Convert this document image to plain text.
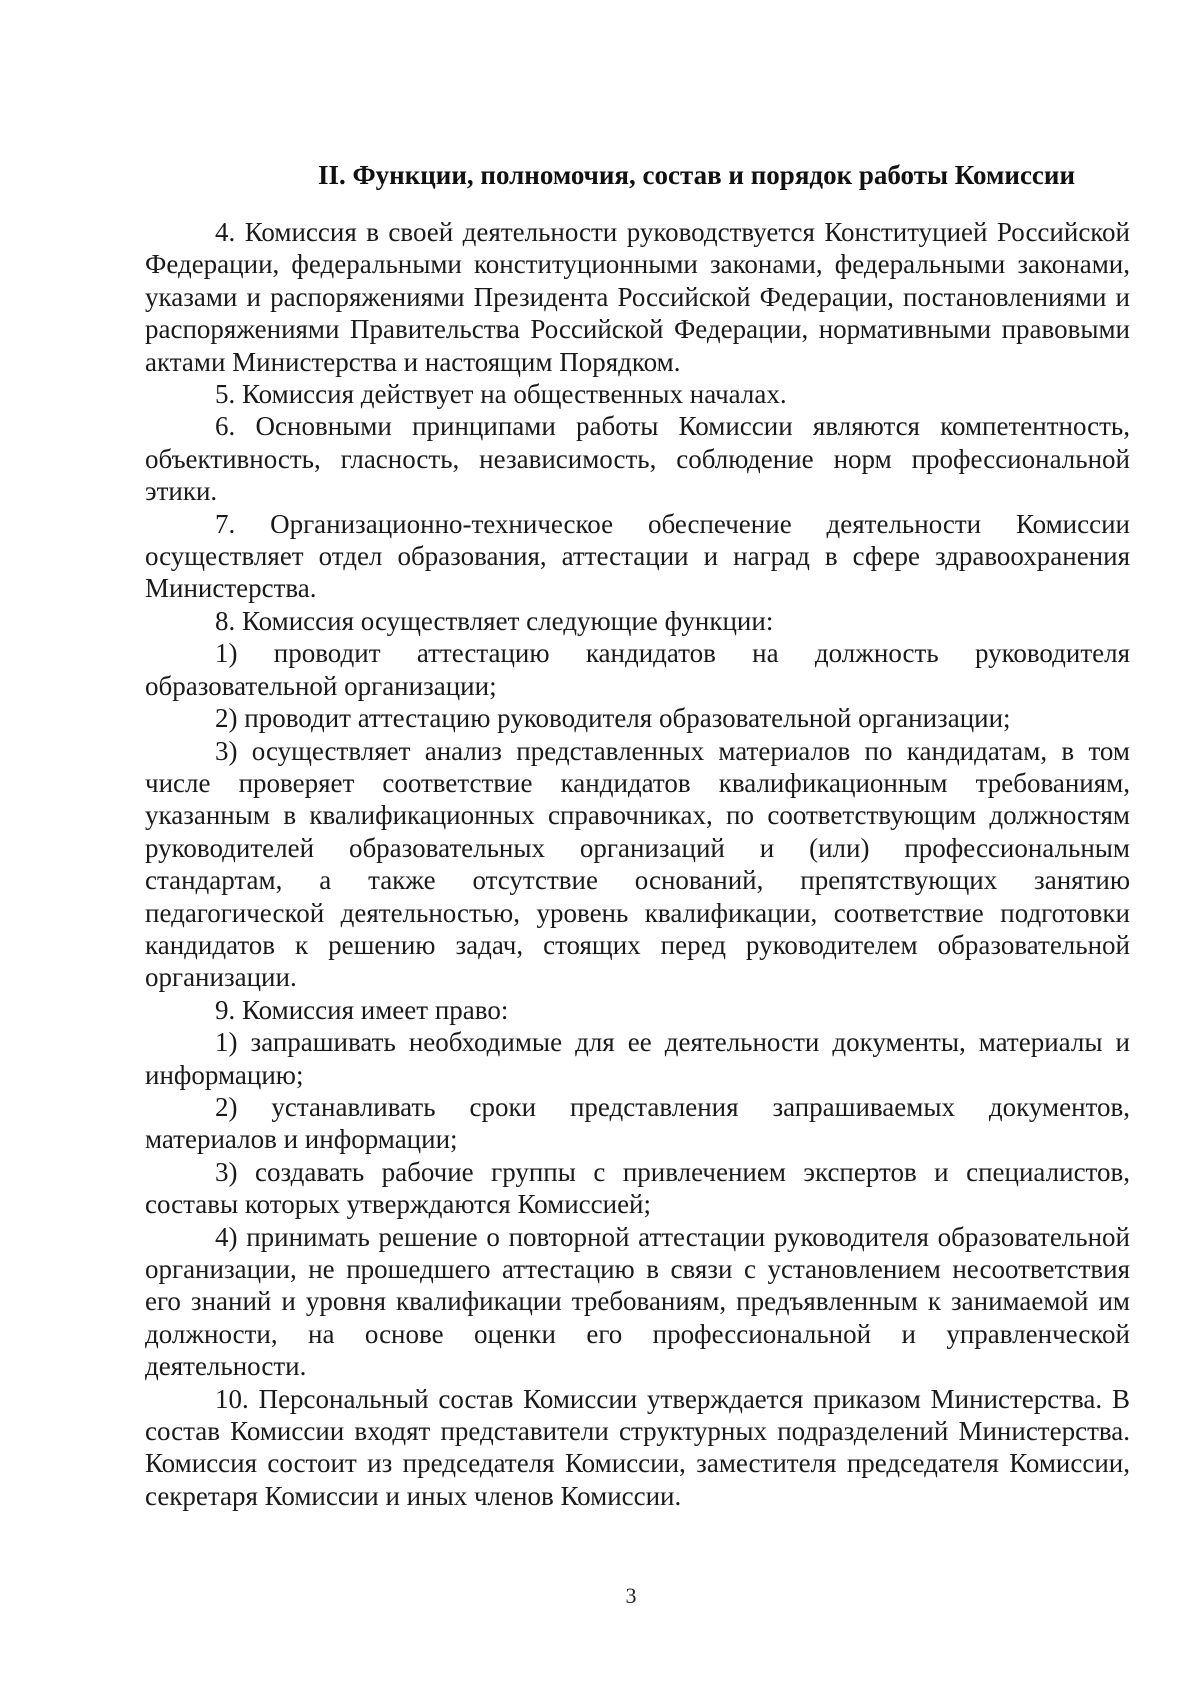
II. Функции, полномочия, состав и порядок работы Комиссии

4. Комиссия в своей деятельности руководствуется Конституцией Российской Федерации, федеральными конституционными законами, федеральными законами, указами и распоряжениями Президента Российской Федерации, постановлениями и распоряжениями Правительства Российской Федерации, нормативными правовыми актами Министерства и настоящим Порядком.

5. Комиссия действует на общественных началах.

6. Основными принципами работы Комиссии являются компетентность, объективность, гласность, независимость, соблюдение норм профессиональной этики.

7. Организационно-техническое обеспечение деятельности Комиссии осуществляет отдел образования, аттестации и наград в сфере здравоохранения Министерства.

8. Комиссия осуществляет следующие функции:

1) проводит аттестацию кандидатов на должность руководителя образовательной организации;

2) проводит аттестацию руководителя образовательной организации;

3) осуществляет анализ представленных материалов по кандидатам, в том числе проверяет соответствие кандидатов квалификационным требованиям, указанным в квалификационных справочниках, по соответствующим должностям руководителей образовательных организаций и (или) профессиональным стандартам, а также отсутствие оснований, препятствующих занятию педагогической деятельностью, уровень квалификации, соответствие подготовки кандидатов к решению задач, стоящих перед руководителем образовательной организации.

9. Комиссия имеет право:

1) запрашивать необходимые для ее деятельности документы, материалы и информацию;

2) устанавливать сроки представления запрашиваемых документов, материалов и информации;

3) создавать рабочие группы с привлечением экспертов и специалистов, составы которых утверждаются Комиссией;

4) принимать решение о повторной аттестации руководителя образовательной организации, не прошедшего аттестацию в связи с установлением несоответствия его знаний и уровня квалификации требованиям, предъявленным к занимаемой им должности, на основе оценки его профессиональной и управленческой деятельности.

10. Персональный состав Комиссии утверждается приказом Министерства. В состав Комиссии входят представители структурных подразделений Министерства. Комиссия состоит из председателя Комиссии, заместителя председателя Комиссии, секретаря Комиссии и иных членов Комиссии.

3
